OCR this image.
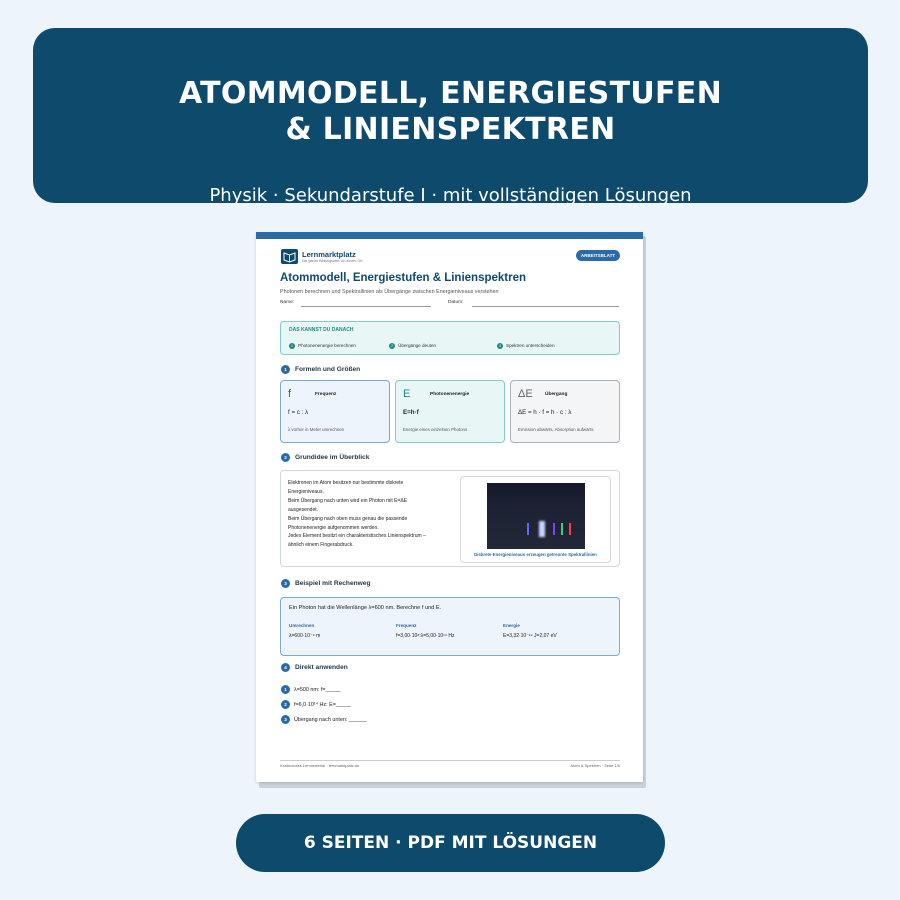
ATOMMODELL, ENERGIESTUFEN
& LINIENSPEKTREN
Physik · Sekundarstufe I · mit vollständigen Lösungen
Lernmarktplatz
Die ganze Bildungswelt. An einem Ort.
ARBEITSBLATT
Atommodell, Energiestufen & Linienspektren
Photonen berechnen und Spektrallinien als Übergänge zwischen Energieniveaus verstehen
Name:	Datum:
DAS KANNST DU DANACH
1 Photonenenergie berechnen	2 Übergänge deuten	3 Spektren unterscheiden
1	Formeln und Größen
f	Frequenz
f = c : λ
λ vorher in Meter umrechnen
E	Photonenenergie
E=h·f
Energie eines einzelnen Photons
ΔE	Übergang
ΔE = h · f = h · c : λ
Emission abwärts, Absorption aufwärts
2	Grundidee im Überblick
Elektronen im Atom besitzen nur bestimmte diskrete
Energieniveaus.
Beim Übergang nach unten wird ein Photon mit E=ΔE
ausgesendet.
Beim Übergang nach oben muss genau die passende
Photonenenergie aufgenommen werden.
Jedes Element besitzt ein charakteristisches Linienspektrum –
ähnlich einem Fingerabdruck.
Diskrete Energieniveaus erzeugen getrennte Spektrallinien
3	Beispiel mit Rechenweg
Ein Photon hat die Wellenlänge λ=600 nm. Berechne f und E.
Umrechnen
λ=600·10⁻⁹ m
Frequenz
f=3,00·10⁸:λ=5,00·10¹⁴ Hz
Energie
E=3,32·10⁻¹⁹ J=2,07 eV
4	Direkt anwenden
1 λ=500 nm: f=_____
2 f=6,0·10¹⁴ Hz: E=_____
3 Übergang nach unten: ______
Kostenloses Lernmaterial · lernmarktplatz.de	Atom & Spektren · Seite 1/6
6 SEITEN · PDF MIT LÖSUNGEN
